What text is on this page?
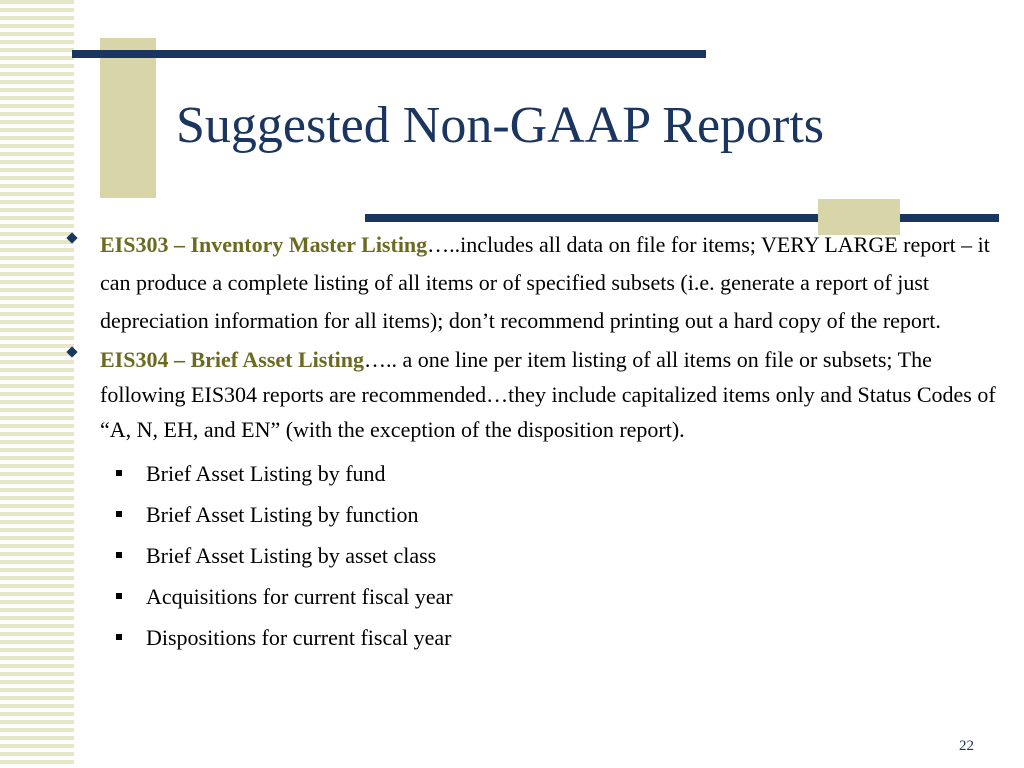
Suggested Non-GAAP Reports
EIS303 – Inventory Master Listing…..includes all data on file for items; VERY LARGE report – it can produce a complete listing of all items or of specified subsets (i.e. generate a report of just depreciation information for all items); don’t recommend printing out a hard copy of the report.
EIS304 – Brief Asset Listing….. a one line per item listing of all items on file or subsets; The following EIS304 reports are recommended…they include capitalized items only and Status Codes of “A, N, EH, and EN” (with the exception of the disposition report).
Brief Asset Listing by fund
Brief Asset Listing by function
Brief Asset Listing by asset class
Acquisitions for current fiscal year
Dispositions for current fiscal year
22
